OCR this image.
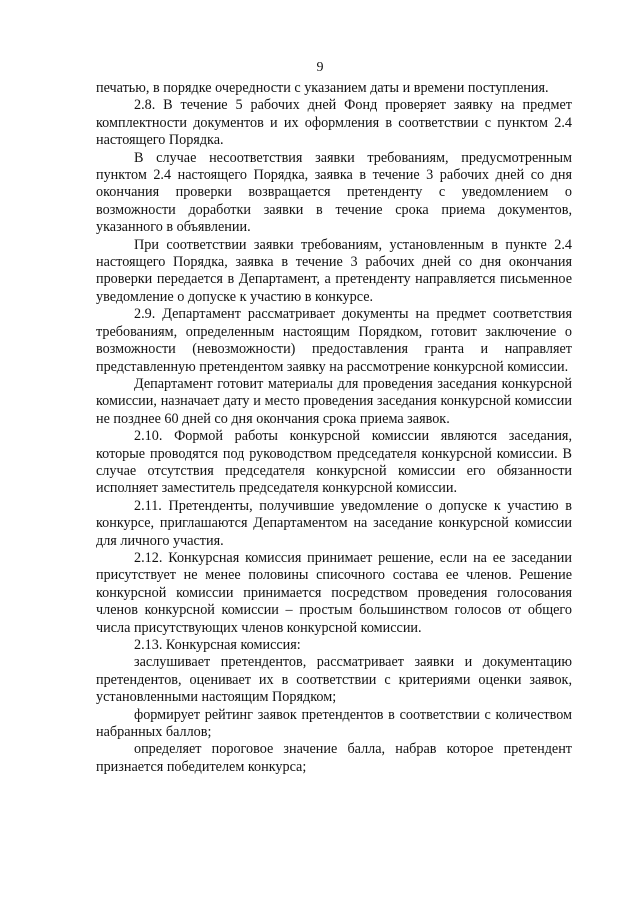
9

печатью, в порядке очередности с указанием даты и времени поступления.

2.8. В течение 5 рабочих дней Фонд проверяет заявку на предмет комплектности документов и их оформления в соответствии с пунктом 2.4 настоящего Порядка.

В случае несоответствия заявки требованиям, предусмотренным пунктом 2.4 настоящего Порядка, заявка в течение 3 рабочих дней со дня окончания проверки возвращается претенденту с уведомлением о возможности доработки заявки в течение срока приема документов, указанного в объявлении.

При соответствии заявки требованиям, установленным в пункте 2.4 настоящего Порядка, заявка в течение 3 рабочих дней со дня окончания проверки передается в Департамент, а претенденту направляется письменное уведомление о допуске к участию в конкурсе.

2.9. Департамент рассматривает документы на предмет соответствия требованиям, определенным настоящим Порядком, готовит заключение о возможности (невозможности) предоставления гранта и направляет представленную претендентом заявку на рассмотрение конкурсной комиссии.

Департамент готовит материалы для проведения заседания конкурсной комиссии, назначает дату и место проведения заседания конкурсной комиссии не позднее 60 дней со дня окончания срока приема заявок.

2.10. Формой работы конкурсной комиссии являются заседания, которые проводятся под руководством председателя конкурсной комиссии. В случае отсутствия председателя конкурсной комиссии его обязанности исполняет заместитель председателя конкурсной комиссии.

2.11. Претенденты, получившие уведомление о допуске к участию в конкурсе, приглашаются Департаментом на заседание конкурсной комиссии для личного участия.

2.12. Конкурсная комиссия принимает решение, если на ее заседании присутствует не менее половины списочного состава ее членов. Решение конкурсной комиссии принимается посредством проведения голосования членов конкурсной комиссии – простым большинством голосов от общего числа присутствующих членов конкурсной комиссии.

2.13. Конкурсная комиссия:

заслушивает претендентов, рассматривает заявки и документацию претендентов, оценивает их в соответствии с критериями оценки заявок, установленными настоящим Порядком;

формирует рейтинг заявок претендентов в соответствии с количеством набранных баллов;

определяет пороговое значение балла, набрав которое претендент признается победителем конкурса;
